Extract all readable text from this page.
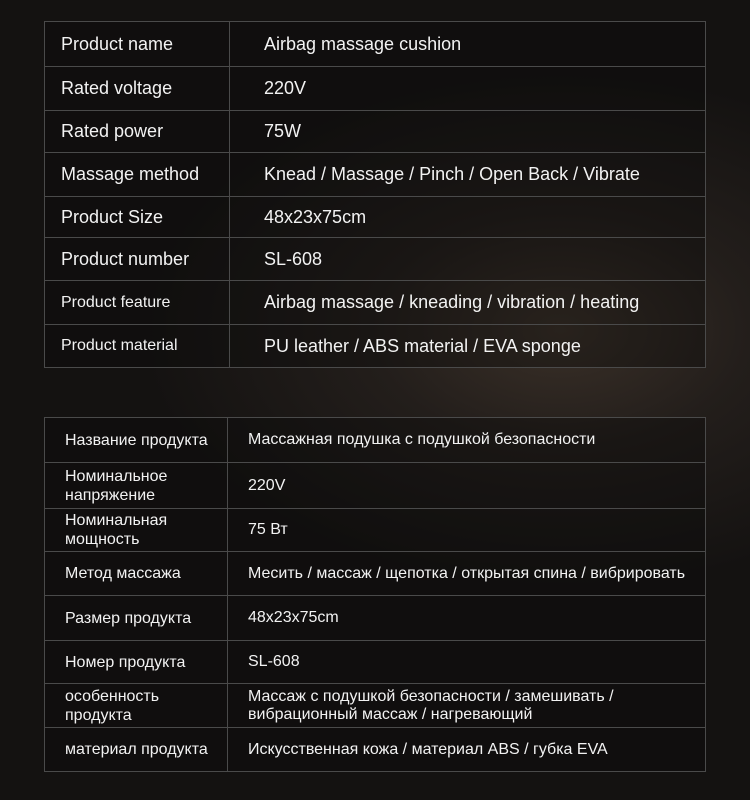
Product name	Airbag massage cushion
Rated voltage	220V
Rated power	75W
Massage method	Knead / Massage / Pinch / Open Back / Vibrate
Product Size	48x23x75cm
Product number	SL-608
Product feature	Airbag massage / kneading / vibration / heating
Product material	PU leather / ABS material / EVA sponge
Название продукта	Массажная подушка с подушкой безопасности
Номинальное напряжение	220V
Номинальная мощность	75 Вт
Метод массажа	Месить / массаж / щепотка / открытая спина / вибрировать
Размер продукта	48x23x75cm
Номер продукта	SL-608
особенность продукта	Массаж с подушкой безопасности / замешивать / вибрационный массаж / нагревающий
материал продукта	Искусственная кожа / материал ABS / губка EVA
